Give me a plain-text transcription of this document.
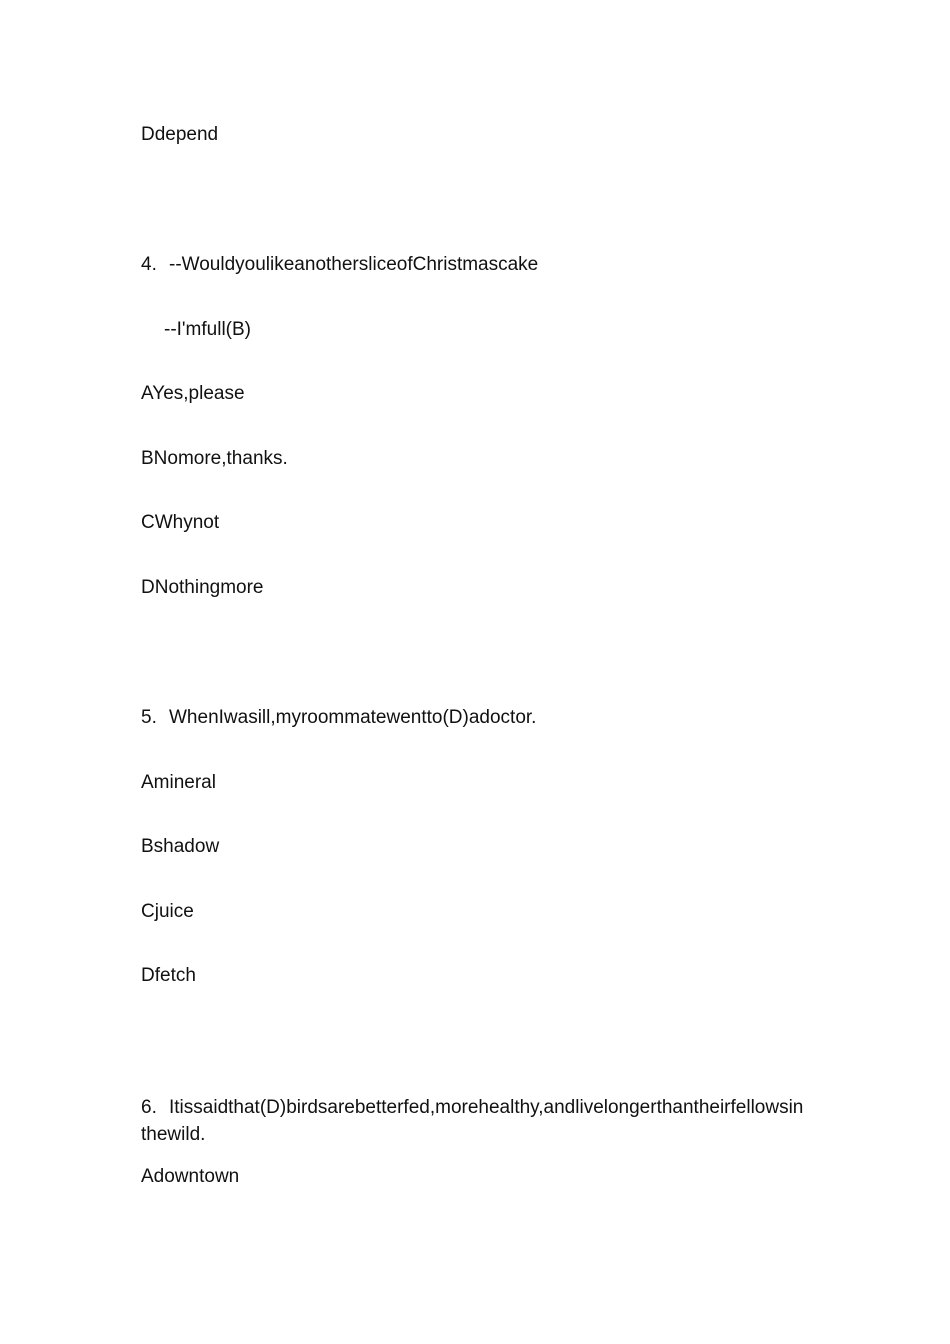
Ddepend
4. --WouldyoulikeanothersliceofChristmascake
--I'mfull(B)
AYes,please
BNomore,thanks.
CWhynot
DNothingmore
5. WhenIwasill,myroommatewentto(D)adoctor.
Amineral
Bshadow
Cjuice
Dfetch
6. Itissaidthat(D)birdsarebetterfed,morehealthy,andlivelongerthantheirfellowsinthewild.
Adowntown
